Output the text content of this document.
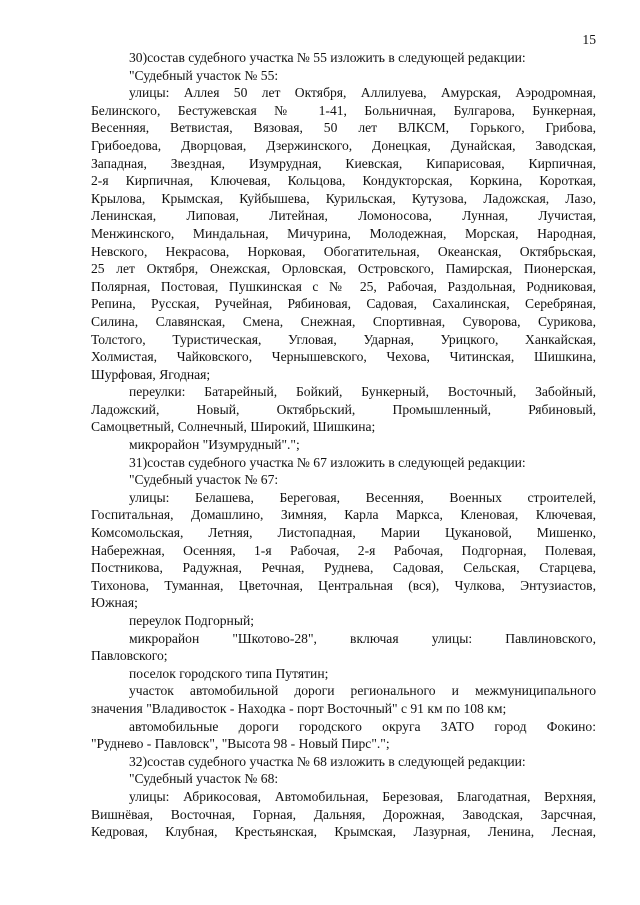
15
30)состав судебного участка № 55 изложить в следующей редакции:
"Судебный участок № 55:
улицы: Аллея 50 лет Октября, Аллилуева, Амурская, Аэродромная,
Белинского, Бестужевская № 1-41, Больничная, Булгарова, Бункерная,
Весенняя, Ветвистая, Вязовая, 50 лет ВЛКСМ, Горького, Грибова,
Грибоедова, Дворцовая, Дзержинского, Донецкая, Дунайская, Заводская,
Западная, Звездная, Изумрудная, Киевская, Кипарисовая, Кирпичная,
2-я Кирпичная, Ключевая, Кольцова, Кондукторская, Коркина, Короткая,
Крылова, Крымская, Куйбышева, Курильская, Кутузова, Ладожская, Лазо,
Ленинская, Липовая, Литейная, Ломоносова, Лунная, Лучистая,
Менжинского, Миндальная, Мичурина, Молодежная, Морская, Народная,
Невского, Некрасова, Норковая, Обогатительная, Океанская, Октябрьская,
25 лет Октября, Онежская, Орловская, Островского, Памирская, Пионерская,
Полярная, Постовая, Пушкинская с № 25, Рабочая, Раздольная, Родниковая,
Репина, Русская, Ручейная, Рябиновая, Садовая, Сахалинская, Серебряная,
Силина, Славянская, Смена, Снежная, Спортивная, Суворова, Сурикова,
Толстого, Туристическая, Угловая, Ударная, Урицкого, Ханкайская,
Холмистая, Чайковского, Чернышевского, Чехова, Читинская, Шишкина,
Шурфовая, Ягодная;
переулки: Батарейный, Бойкий, Бункерный, Восточный, Забойный,
Ладожский, Новый, Октябрьский, Промышленный, Рябиновый,
Самоцветный, Солнечный, Широкий, Шишкина;
микрорайон "Изумрудный".";
31)состав судебного участка № 67 изложить в следующей редакции:
"Судебный участок № 67:
улицы: Белашева, Береговая, Весенняя, Военных строителей,
Госпитальная, Домашлино, Зимняя, Карла Маркса, Кленовая, Ключевая,
Комсомольская, Летняя, Листопадная, Марии Цукановой, Мишенко,
Набережная, Осенняя, 1-я Рабочая, 2-я Рабочая, Подгорная, Полевая,
Постникова, Радужная, Речная, Руднева, Садовая, Сельская, Старцева,
Тихонова, Туманная, Цветочная, Центральная (вся), Чулкова, Энтузиастов,
Южная;
переулок Подгорный;
микрорайон "Шкотово-28", включая улицы: Павлиновского,
Павловского;
поселок городского типа Путятин;
участок автомобильной дороги регионального и межмуниципального
значения "Владивосток - Находка - порт Восточный" с 91 км по 108 км;
автомобильные дороги городского округа ЗАТО город Фокино:
"Руднево - Павловск", "Высота 98 - Новый Пирс".";
32)состав судебного участка № 68 изложить в следующей редакции:
"Судебный участок № 68:
улицы: Абрикосовая, Автомобильная, Березовая, Благодатная, Верхняя,
Вишнёвая, Восточная, Горная, Дальняя, Дорожная, Заводская, Зарсчная,
Кедровая, Клубная, Крестьянская, Крымская, Лазурная, Ленина, Лесная,
